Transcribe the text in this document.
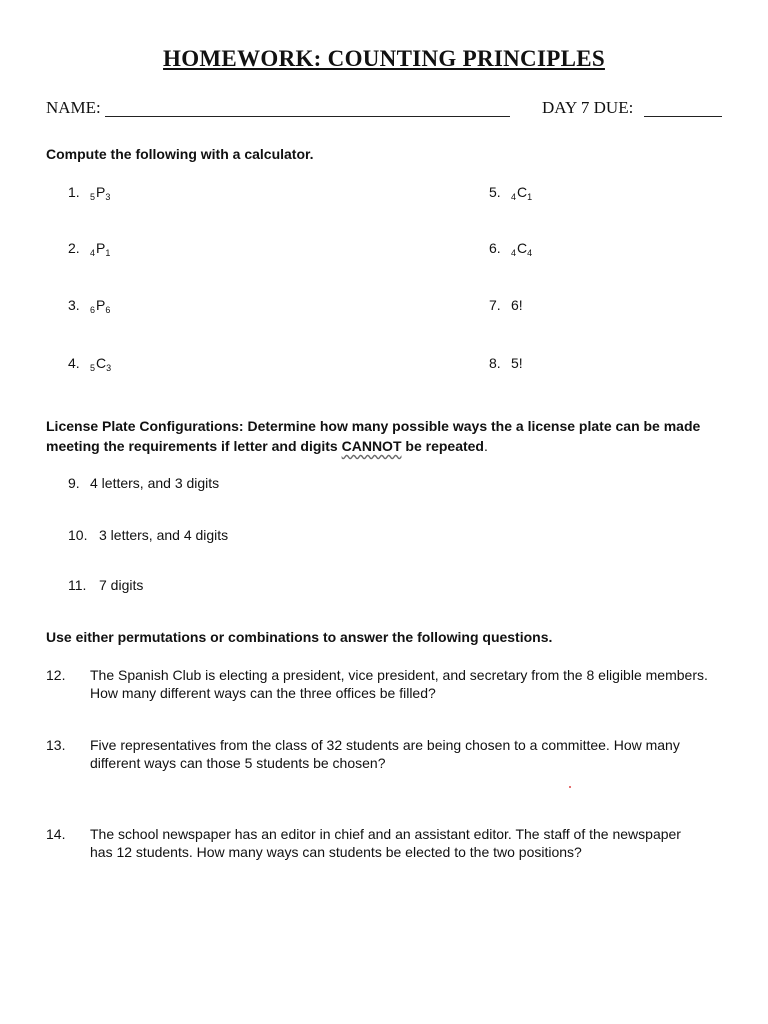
HOMEWORK: COUNTING PRINCIPLES
NAME:	DAY 7 DUE:
Compute the following with a calculator.
1. $_5P_3$
2. $_4P_1$
3. $_6P_6$
4. $_5C_3$
5. $_4C_1$
6. $_4C_4$
7. 6!
8. 5!
License Plate Configurations: Determine how many possible ways the a license plate can be made meeting the requirements if letter and digits CANNOT be repeated.
9. 4 letters, and 3 digits
10. 3 letters, and 4 digits
11. 7 digits
Use either permutations or combinations to answer the following questions.
12. The Spanish Club is electing a president, vice president, and secretary from the 8 eligible members. How many different ways can the three offices be filled?
13. Five representatives from the class of 32 students are being chosen to a committee. How many different ways can those 5 students be chosen?
14. The school newspaper has an editor in chief and an assistant editor. The staff of the newspaper has 12 students. How many ways can students be elected to the two positions?
